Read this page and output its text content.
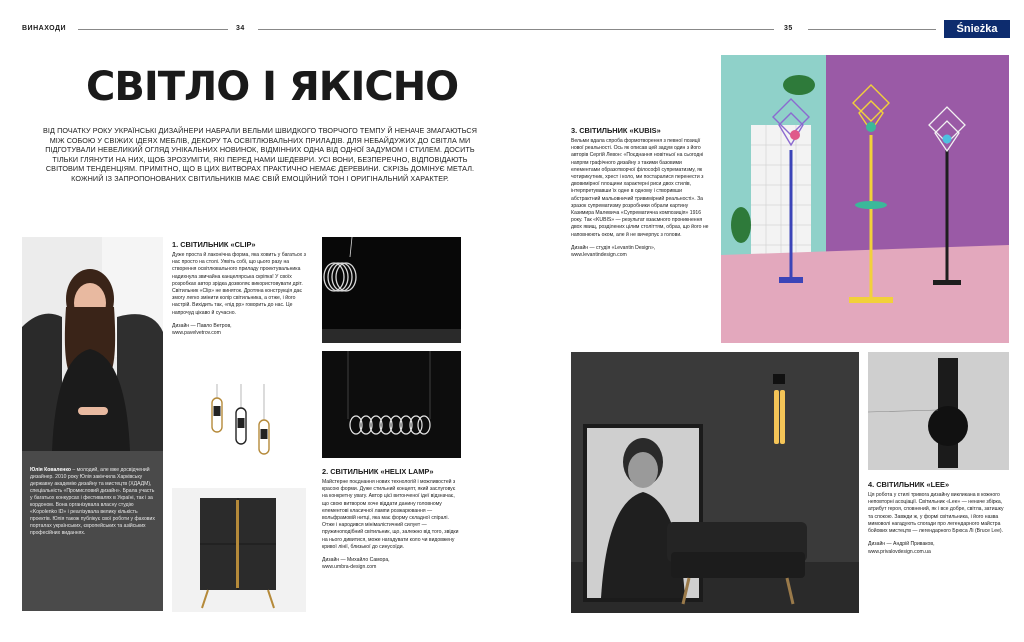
ВИНАХОДИ	34	35	Śnieżka
СВІТЛО І ЯКІСНО
ВІД ПОЧАТКУ РОКУ УКРАЇНСЬКІ ДИЗАЙНЕРИ НАБРАЛИ ВЕЛЬМИ ШВИДКОГО ТВОРЧОГО ТЕМПУ Й НЕНАЧЕ ЗМАГАЮТЬСЯ МІЖ СОБОЮ У СВІЖИХ ІДЕЯХ МЕБЛІВ, ДЕКОРУ ТА ОСВІТЛЮВАЛЬНИХ ПРИЛАДІВ. ДЛЯ НЕБАЙДУЖИХ ДО СВІТЛА МИ ПІДГОТУВАЛИ НЕВЕЛИКИЙ ОГЛЯД УНІКАЛЬНИХ НОВИНОК, ВІДМІННИХ ОДНА ВІД ОДНОЇ ЗАДУМОМ І СТИЛЕМ. ДОСИТЬ ТІЛЬКИ ГЛЯНУТИ НА НИХ, ЩОБ ЗРОЗУМІТИ, ЯКІ ПЕРЕД НАМИ ШЕДЕВРИ. УСІ ВОНИ, БЕЗПЕРЕЧНО, ВІДПОВІДАЮТЬ СВІТОВИМ ТЕНДЕНЦІЯМ. ПРИМІТНО, ЩО В ЦИХ ВИТВОРАХ ПРАКТИЧНО НЕМАЄ ДЕРЕВИНИ. СКРІЗЬ ДОМІНУЄ МЕТАЛ. КОЖНИЙ ІЗ ЗАПРОПОНОВАНИХ СВІТИЛЬНИКІВ МАЄ СВІЙ ЕМОЦІЙНИЙ ТОН І ОРИГІНАЛЬНИЙ ХАРАКТЕР.
Юлія Коваленко – молодий, але вже досвідчений дизайнер. 2010 року Юлія закінчила Харківську державну академію дизайну та мистецтв (ХДАДМ), спеціальність «Промисловий дизайн». Брала участь у багатьох конкурсах і фестивалях в Україні, так і за кордоном. Вона організувала власну студію «Kopolenko ID» і реалізувала велику кількість проектів. Юлія також публікує свої роботи у фахових порталах українських, європейських та азійських професійних виданнях.
1. СВІТИЛЬНИК «CLIP»
Дуже проста й лаконічна форма, яка ховить у багатьох з нас просто на столі. Уявіть собі, що цього разу на створення освітлювального приладу проектувальника надихнула звичайна канцелярська скріпка! У своїх розробках автор зрідка дозволяє використовувати дріт. Світильник «Clip» не виняток. Дротяна конструкція дає змогу легко змінити колір світильника, а отже, і його настрій. Вихідить так, «під рр» говорить до нас. Це напрочуд цікаво й сучасно.
Дизайн — Павло Ветров,
www.pavelvetrov.com
2. СВІТИЛЬНИК «HELIX LAMP»
Майстерне поєднання нових технологій і можливостей з красою форми. Дуже стильний концепт, який заслуговує на конкретну увагу. Автор цієї витонченої ідеї відзначає, що свою витвором хоче віддати данину головному елементові класичної лампи розжарювання — вольфрамовій нитці, яка має форму складної спіралі. Отже і народився мінімалістичний силует — пружиноподібний світильник, що, залежно від того, звідки на нього дивитися, може нагадувати коло чи видовжену кривої лінії, близької до синусоїди.
Дизайн — Михайло Самора,
www.umbra-design.com
3. СВІТИЛЬНИК «KUBIS»
Вельми вдала спроба формотворення з певної позиції нової реальності. Ось як описав цей задум один з його авторів Сергій Левон: «Поєднання новітньої на сьогодні напрям графічного дизайну з такими базовими елементами образотворчої філософії супрематизму, як чотирикутник, хрест і коло, ми постаралися перенести з двовимірної площини характерні риси двох стилів, інтерпретувавши їх одне в одному і створивши абстрактний мальовничий тривимірний реальності». За зразок супрематизму розробники обрали картину Казимира Малевича «Супрематична композиція» 1916 року. Так «KUBIS» — результат взаємного проникнення двох явищ, розділених цілим століттям, образ, що його не наповнюють оком, але й не вичерпує з голови.
Дизайн — студія «Levantin Design»,
www.levantindesign.com
4. СВІТИЛЬНИК «LEE»
Ця робота у стилі тривога дизайну викликана в кожного неповторні асоціації. Світильник «Lee» — неначе збірка, атрибут героя, сповнений, як і все добре, світла, затишку та спокою. Завжди ж, у формі світильника, і його назва мимоволі нагадують спогади про легендарного майстра бойових мистецтв — легендарного Брюса Лі (Bruce Lee).
Дизайн — Андрій Приваков,
www.privalovdesign.com.ua
